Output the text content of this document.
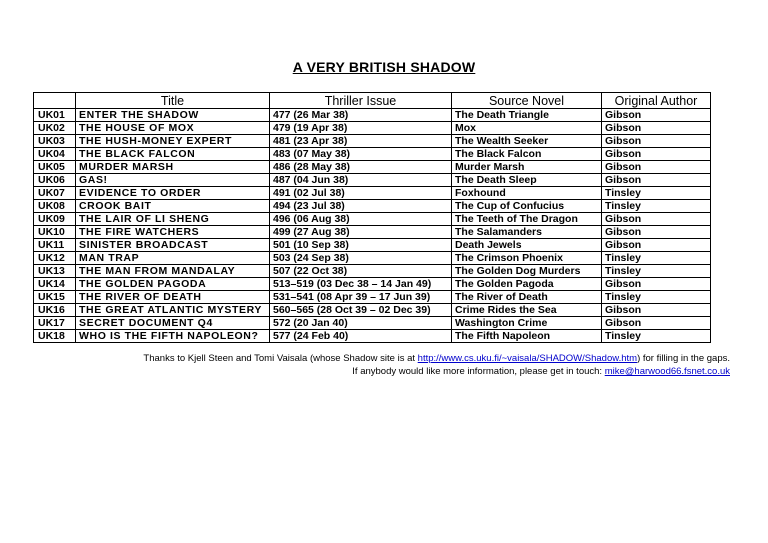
A VERY BRITISH SHADOW
	Title	Thriller Issue	Source Novel	Original Author
UK01	ENTER THE SHADOW	477 (26 Mar 38)	The Death Triangle	Gibson
UK02	THE HOUSE OF MOX	479 (19 Apr 38)	Mox	Gibson
UK03	THE HUSH-MONEY EXPERT	481 (23 Apr 38)	The Wealth Seeker	Gibson
UK04	THE BLACK FALCON	483 (07 May 38)	The Black Falcon	Gibson
UK05	MURDER MARSH	486 (28 May 38)	Murder Marsh	Gibson
UK06	GAS!	487 (04 Jun 38)	The Death Sleep	Gibson
UK07	EVIDENCE TO ORDER	491 (02 Jul 38)	Foxhound	Tinsley
UK08	CROOK BAIT	494 (23 Jul 38)	The Cup of Confucius	Tinsley
UK09	THE LAIR OF LI SHENG	496 (06 Aug 38)	The Teeth of The Dragon	Gibson
UK10	THE FIRE WATCHERS	499 (27 Aug 38)	The Salamanders	Gibson
UK11	SINISTER BROADCAST	501 (10 Sep 38)	Death Jewels	Gibson
UK12	MAN TRAP	503 (24 Sep 38)	The Crimson Phoenix	Tinsley
UK13	THE MAN FROM MANDALAY	507 (22 Oct 38)	The Golden Dog Murders	Tinsley
UK14	THE GOLDEN PAGODA	513–519 (03 Dec 38 – 14 Jan 49)	The Golden Pagoda	Gibson
UK15	THE RIVER OF DEATH	531–541 (08 Apr 39 – 17 Jun 39)	The River of Death	Tinsley
UK16	THE GREAT ATLANTIC MYSTERY	560–565 (28 Oct 39 – 02 Dec 39)	Crime Rides the Sea	Gibson
UK17	SECRET DOCUMENT Q4	572 (20 Jan 40)	Washington Crime	Gibson
UK18	WHO IS THE FIFTH NAPOLEON?	577 (24 Feb 40)	The Fifth Napoleon	Tinsley
Thanks to Kjell Steen and Tomi Vaisala (whose Shadow site is at http://www.cs.uku.fi/~vaisala/SHADOW/Shadow.htm) for filling in the gaps.
If anybody would like more information, please get in touch: mike@harwood66.fsnet.co.uk
